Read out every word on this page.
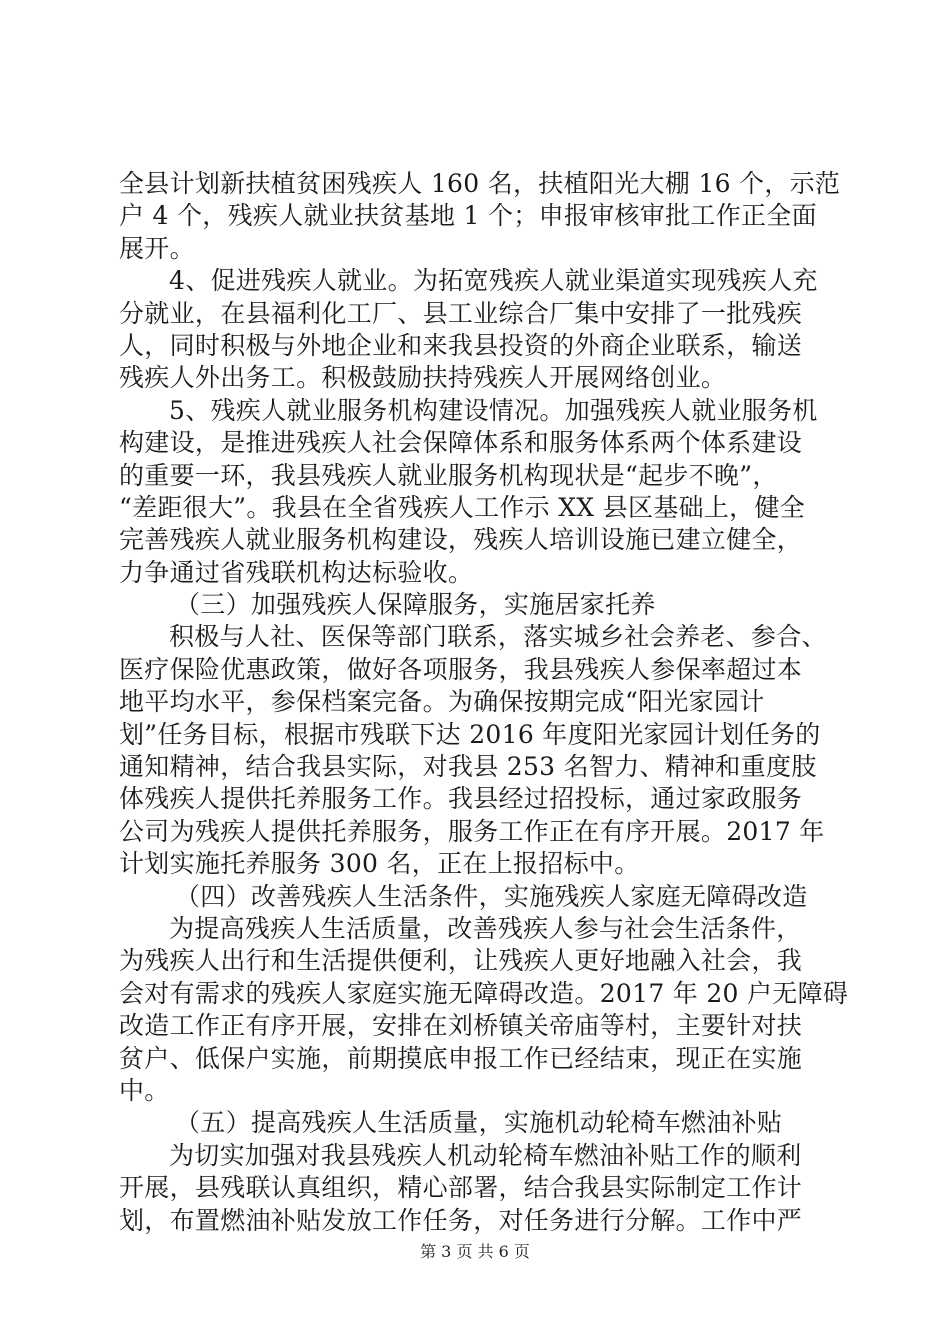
全县计划新扶植贫困残疾人 160 名，扶植阳光大棚 16 个，示范
户 4 个，残疾人就业扶贫基地 1 个；申报审核审批工作正全面
展开。
4、促进残疾人就业。为拓宽残疾人就业渠道实现残疾人充
分就业，在县福利化工厂、县工业综合厂集中安排了一批残疾
人，同时积极与外地企业和来我县投资的外商企业联系，输送
残疾人外出务工。积极鼓励扶持残疾人开展网络创业。
5、残疾人就业服务机构建设情况。加强残疾人就业服务机
构建设，是推进残疾人社会保障体系和服务体系两个体系建设
的重要一环，我县残疾人就业服务机构现状是“起步不晚”，
“差距很大”。我县在全省残疾人工作示 XX 县区基础上，健全
完善残疾人就业服务机构建设，残疾人培训设施已建立健全，
力争通过省残联机构达标验收。
（三）加强残疾人保障服务，实施居家托养
积极与人社、医保等部门联系，落实城乡社会养老、参合、
医疗保险优惠政策，做好各项服务，我县残疾人参保率超过本
地平均水平，参保档案完备。为确保按期完成“阳光家园计
划”任务目标，根据市残联下达 2016 年度阳光家园计划任务的
通知精神，结合我县实际，对我县 253 名智力、精神和重度肢
体残疾人提供托养服务工作。我县经过招投标，通过家政服务
公司为残疾人提供托养服务，服务工作正在有序开展。2017 年
计划实施托养服务 300 名，正在上报招标中。
（四）改善残疾人生活条件，实施残疾人家庭无障碍改造
为提高残疾人生活质量，改善残疾人参与社会生活条件，
为残疾人出行和生活提供便利，让残疾人更好地融入社会，我
会对有需求的残疾人家庭实施无障碍改造。2017 年 20 户无障碍
改造工作正有序开展，安排在刘桥镇关帝庙等村，主要针对扶
贫户、低保户实施，前期摸底申报工作已经结束，现正在实施
中。
（五）提高残疾人生活质量，实施机动轮椅车燃油补贴
为切实加强对我县残疾人机动轮椅车燃油补贴工作的顺利
开展，县残联认真组织，精心部署，结合我县实际制定工作计
划，布置燃油补贴发放工作任务，对任务进行分解。工作中严
第 3 页 共 6 页
